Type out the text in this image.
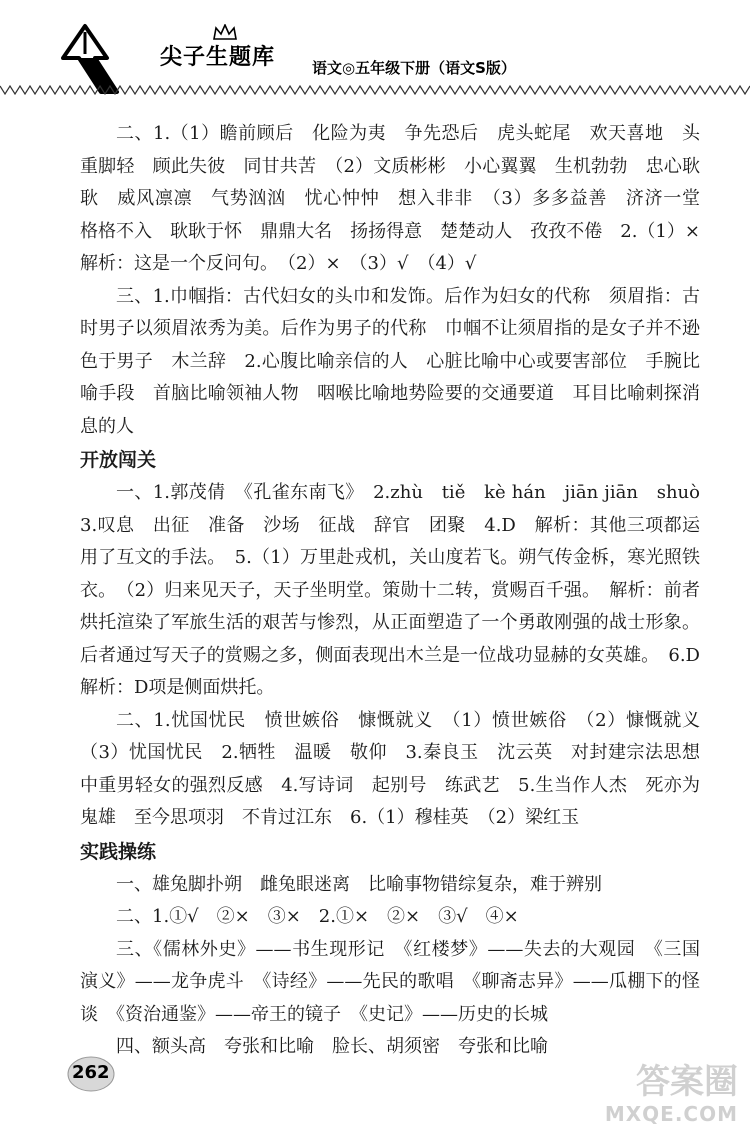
尖子生题库 语文◎五年级下册（语文S版）

二、1.（1）瞻前顾后　化险为夷　争先恐后　虎头蛇尾　欢天喜地　头重脚轻　顾此失彼　同甘共苦　（2）文质彬彬　小心翼翼　生机勃勃　忠心耿耿　威风凛凛　气势汹汹　忧心忡忡　想入非非　（3）多多益善　济济一堂　格格不入　耿耿于怀　鼎鼎大名　扬扬得意　楚楚动人　孜孜不倦　2.（1）×　解析：这是一个反问句。　（2）×　（3）√　（4）√

三、1.巾帼指：古代妇女的头巾和发饰。后作为妇女的代称　须眉指：古时男子以须眉浓秀为美。后作为男子的代称　巾帼不让须眉指的是女子并不逊色于男子　木兰辞　2.心腹比喻亲信的人　心脏比喻中心或要害部位　手腕比喻手段　首脑比喻领袖人物　咽喉比喻地势险要的交通要道　耳目比喻刺探消息的人

开放闯关

一、1.郭茂倩　《孔雀东南飞》　2.zhù　tiě　kè hán　jiān jiān　shuò　3.叹息　出征　准备　沙场　征战　辞官　团聚　4.D　解析：其他三项都运用了互文的手法。　5.（1）万里赴戎机，关山度若飞。朔气传金柝，寒光照铁衣。　（2）归来见天子，天子坐明堂。策勋十二转，赏赐百千强。　解析：前者烘托渲染了军旅生活的艰苦与惨烈，从正面塑造了一个勇敢刚强的战士形象。后者通过写天子的赏赐之多，侧面表现出木兰是一位战功显赫的女英雄。　6.D　解析：D项是侧面烘托。

二、1.忧国忧民　愤世嫉俗　慷慨就义　（1）愤世嫉俗　（2）慷慨就义　（3）忧国忧民　2.牺牲　温暖　敬仰　3.秦良玉　沈云英　对封建宗法思想中重男轻女的强烈反感　4.写诗词　起别号　练武艺　5.生当作人杰　死亦为鬼雄　至今思项羽　不肯过江东　6.（1）穆桂英　（2）梁红玉

实践操练

一、雄兔脚扑朔　雌兔眼迷离　比喻事物错综复杂，难于辨别

二、1.①√　②×　③×　2.①×　②×　③√　④×

三、《儒林外史》——书生现形记　《红楼梦》——失去的大观园　《三国演义》——龙争虎斗　《诗经》——先民的歌唱　《聊斋志异》——瓜棚下的怪谈　《资治通鉴》——帝王的镜子　《史记》——历史的长城

四、额头高　夸张和比喻　脸长、胡须密　夸张和比喻

262	答案圈
MXQE.COM
